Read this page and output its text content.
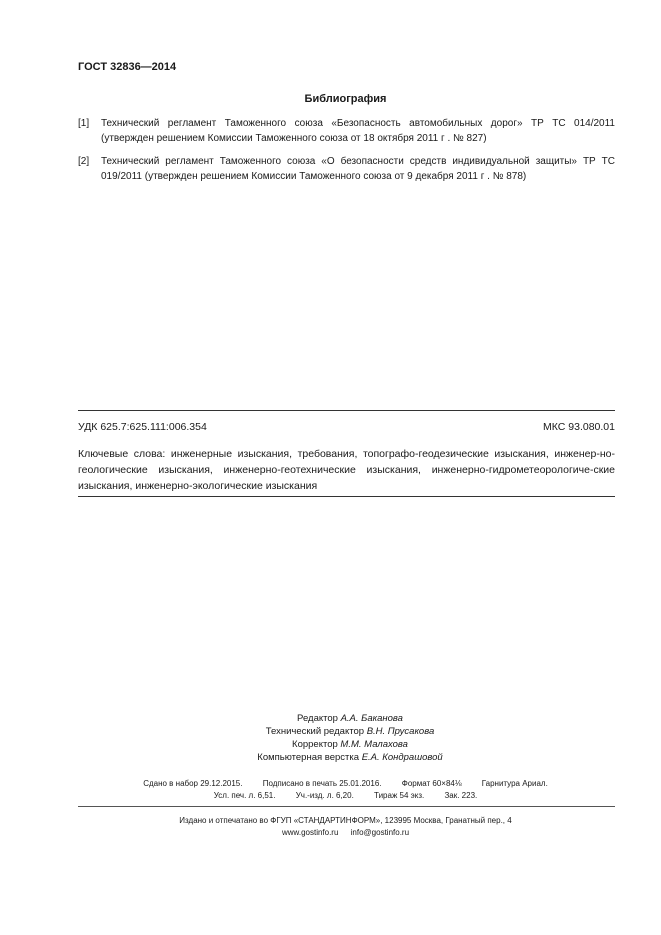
ГОСТ 32836—2014
Библиография
[1] Технический регламент Таможенного союза «Безопасность автомобильных дорог» ТР ТС 014/2011 (утвержден решением Комиссии Таможенного союза от 18 октября 2011 г . № 827)
[2] Технический регламент Таможенного союза «О безопасности средств индивидуальной защиты» ТР ТС 019/2011 (утвержден решением Комиссии Таможенного союза от 9 декабря 2011 г . № 878)
УДК 625.7:625.111:006.354	МКС 93.080.01
Ключевые слова: инженерные изыскания, требования, топографо-геодезические изыскания, инженер-но-геологические изыскания, инженерно-геотехнические изыскания, инженерно-гидрометеорологиче-ские изыскания, инженерно-экологические изыскания
Редактор А.А. Баканова
Технический редактор В.Н. Прусакова
Корректор М.М. Малахова
Компьютерная верстка Е.А. Кондрашовой
Сдано в набор 29.12.2015.	Подписано в печать 25.01.2016.	Формат 60×84⅛	Гарнитура Ариал.
Усл. печ. л. 6,51.	Уч.-изд. л. 6,20.	Тираж 54 экз.	Зак. 223.
Издано и отпечатано во ФГУП «СТАНДАРТИНФОРМ», 123995 Москва, Гранатный пер., 4
www.gostinfo.ru info@gostinfo.ru
